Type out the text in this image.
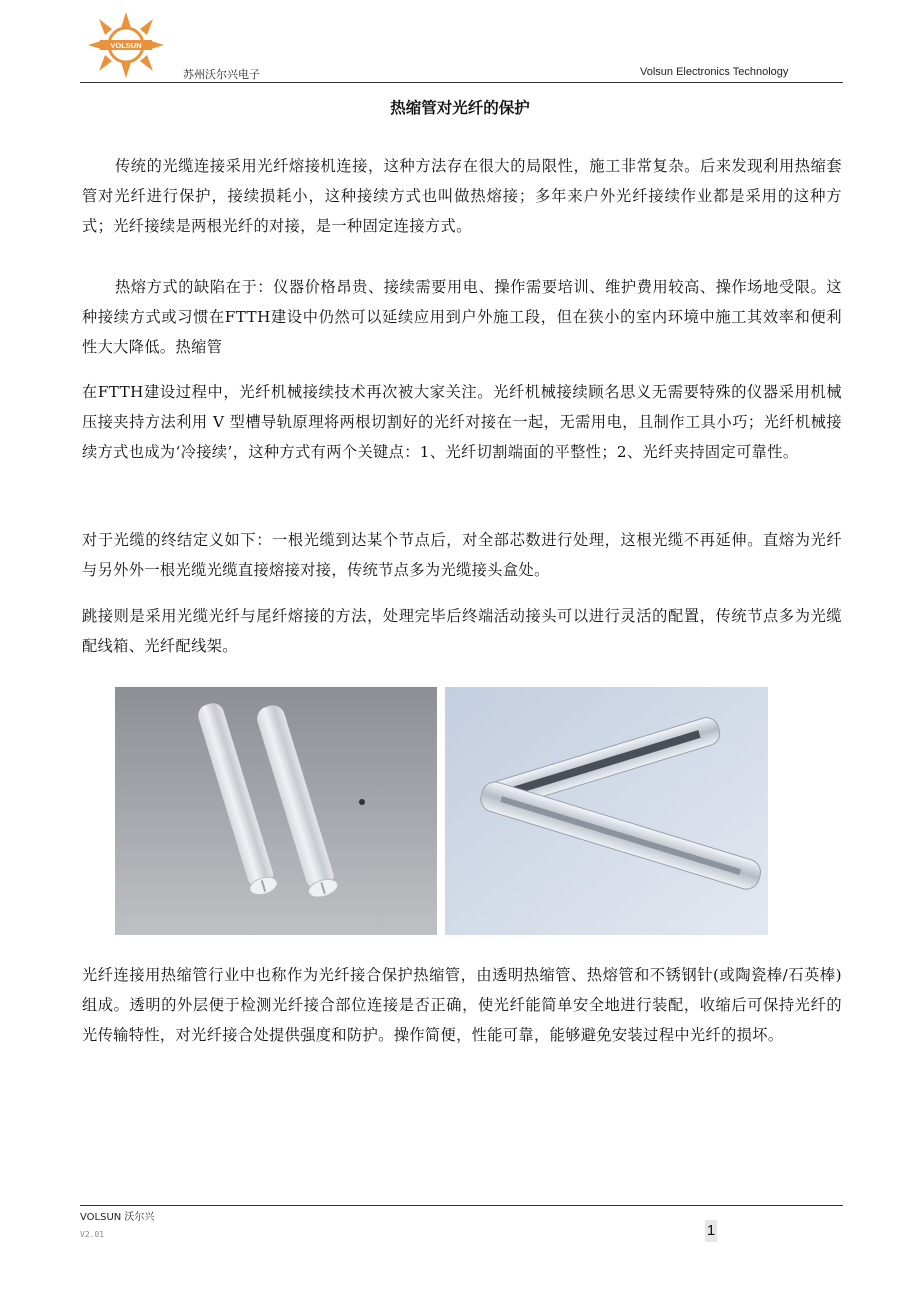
VOLSUN
苏州沃尔兴电子	Volsun Electronics Technology
热缩管对光纤的保护

传统的光缆连接采用光纤熔接机连接，这种方法存在很大的局限性，施工非常复杂。后来发现利用热缩套管对光纤进行保护，接续损耗小，这种接续方式也叫做热熔接；多年来户外光纤接续作业都是采用的这种方式；光纤接续是两根光纤的对接，是一种固定连接方式。

热熔方式的缺陷在于：仪器价格昂贵、接续需要用电、操作需要培训、维护费用较高、操作场地受限。这种接续方式或习惯在FTTH建设中仍然可以延续应用到户外施工段，但在狭小的室内环境中施工其效率和便利性大大降低。热缩管

在FTTH建设过程中，光纤机械接续技术再次被大家关注。光纤机械接续顾名思义无需要特殊的仪器采用机械压接夹持方法利用 V 型槽导轨原理将两根切割好的光纤对接在一起，无需用电，且制作工具小巧；光纤机械接续方式也成为‘冷接续’，这种方式有两个关键点：1、光纤切割端面的平整性；2、光纤夹持固定可靠性。

对于光缆的终结定义如下：一根光缆到达某个节点后，对全部芯数进行处理，这根光缆不再延伸。直熔为光纤与另外外一根光缆光缆直接熔接对接，传统节点多为光缆接头盒处。

跳接则是采用光缆光纤与尾纤熔接的方法，处理完毕后终端活动接头可以进行灵活的配置，传统节点多为光缆配线箱、光纤配线架。

光纤连接用热缩管行业中也称作为光纤接合保护热缩管，由透明热缩管、热熔管和不锈钢针(或陶瓷棒/石英棒)组成。透明的外层便于检测光纤接合部位连接是否正确，使光纤能简单安全地进行装配，收缩后可保持光纤的光传输特性，对光纤接合处提供强度和防护。操作简便，性能可靠，能够避免安装过程中光纤的损坏。

VOLSUN 沃尔兴
V2.01	1
